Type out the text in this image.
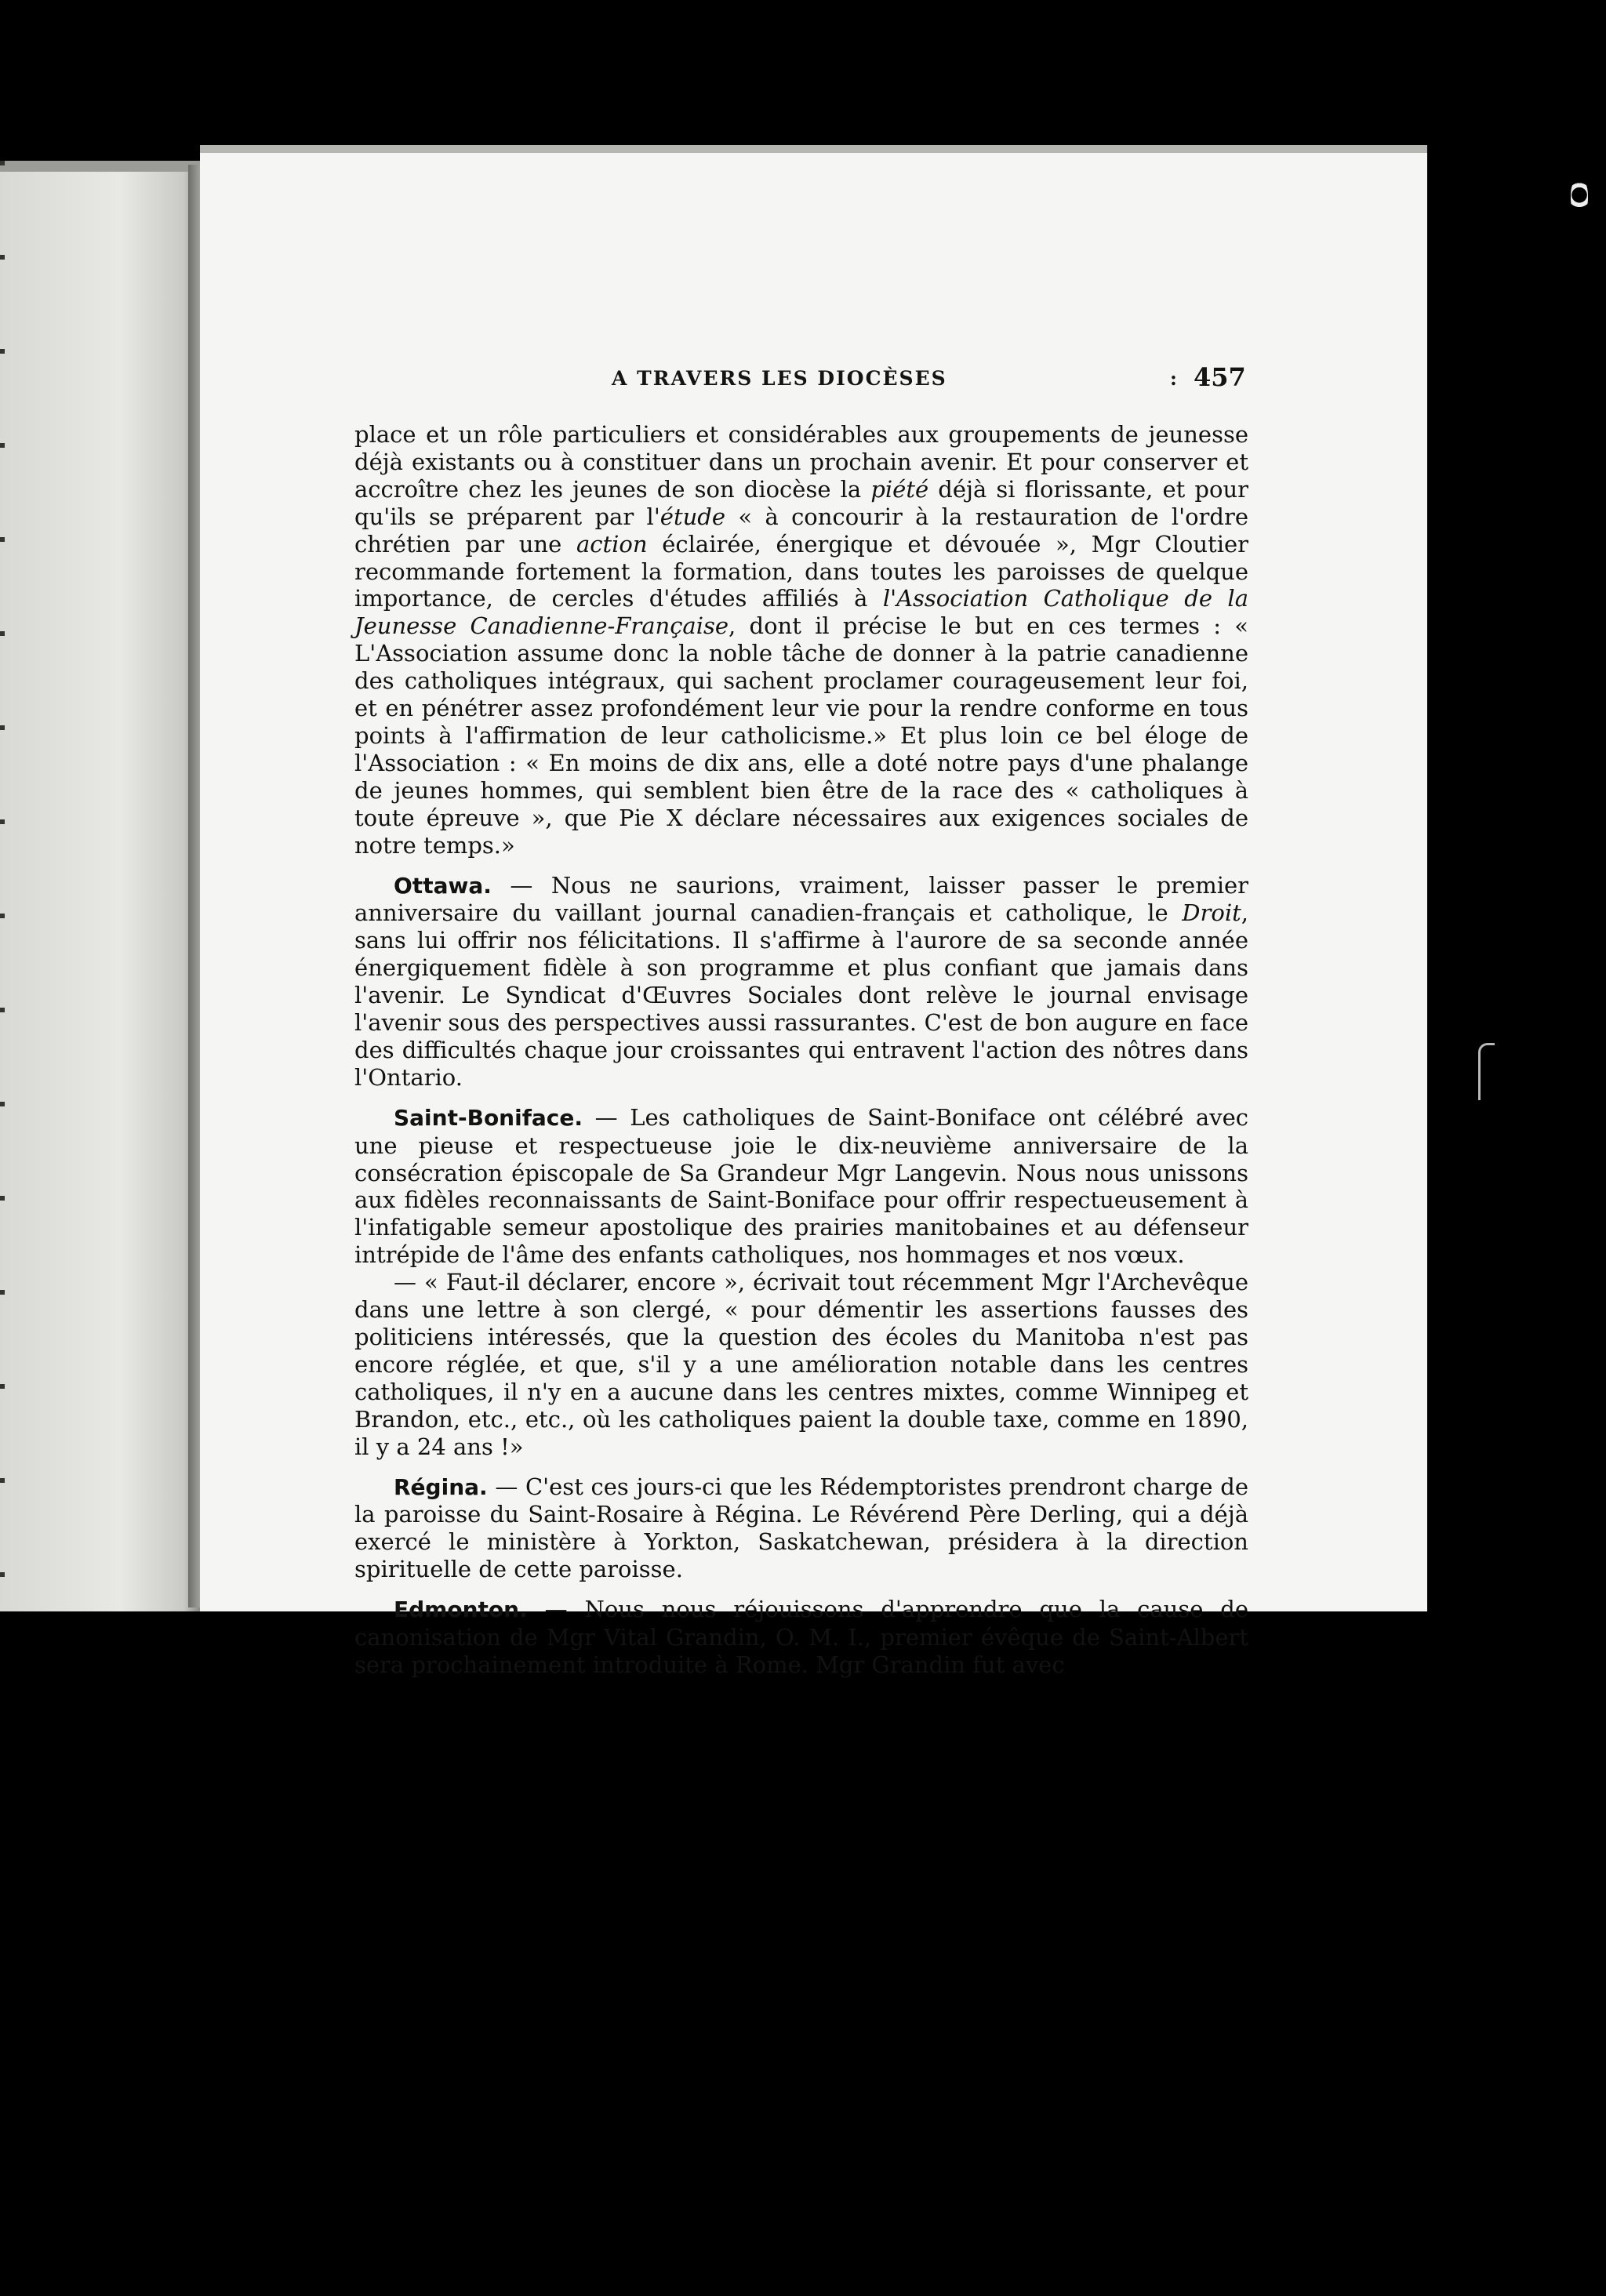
A TRAVERS LES DIOCÈSES	: 457

place et un rôle particuliers et considérables aux groupements de jeunesse déjà existants ou à constituer dans un prochain avenir. Et pour conserver et accroître chez les jeunes de son diocèse la piété déjà si florissante, et pour qu'ils se préparent par l'étude « à concourir à la restauration de l'ordre chrétien par une action éclairée, énergique et dévouée », Mgr Cloutier recommande fortement la formation, dans toutes les paroisses de quelque importance, de cercles d'études affiliés à l'Association Catholique de la Jeunesse Canadienne-Française, dont il précise le but en ces termes : « L'Association assume donc la noble tâche de donner à la patrie canadienne des catholiques intégraux, qui sachent proclamer courageusement leur foi, et en pénétrer assez profondément leur vie pour la rendre conforme en tous points à l'affirmation de leur catholicisme.» Et plus loin ce bel éloge de l'Association : « En moins de dix ans, elle a doté notre pays d'une phalange de jeunes hommes, qui semblent bien être de la race des « catholiques à toute épreuve », que Pie X déclare nécessaires aux exigences sociales de notre temps.»

Ottawa. — Nous ne saurions, vraiment, laisser passer le premier anniversaire du vaillant journal canadien-français et catholique, le Droit, sans lui offrir nos félicitations. Il s'affirme à l'aurore de sa seconde année énergiquement fidèle à son programme et plus confiant que jamais dans l'avenir. Le Syndicat d'Œuvres Sociales dont relève le journal envisage l'avenir sous des perspectives aussi rassurantes. C'est de bon augure en face des difficultés chaque jour croissantes qui entravent l'action des nôtres dans l'Ontario.

Saint-Boniface. — Les catholiques de Saint-Boniface ont célébré avec une pieuse et respectueuse joie le dix-neuvième anniversaire de la consécration épiscopale de Sa Grandeur Mgr Langevin. Nous nous unissons aux fidèles reconnaissants de Saint-Boniface pour offrir respectueusement à l'infatigable semeur apostolique des prairies manitobaines et au défenseur intrépide de l'âme des enfants catholiques, nos hommages et nos vœux.

— « Faut-il déclarer, encore », écrivait tout récemment Mgr l'Archevêque dans une lettre à son clergé, « pour démentir les assertions fausses des politiciens intéressés, que la question des écoles du Manitoba n'est pas encore réglée, et que, s'il y a une amélioration notable dans les centres catholiques, il n'y en a aucune dans les centres mixtes, comme Winnipeg et Brandon, etc., etc., où les catholiques paient la double taxe, comme en 1890, il y a 24 ans !»

Régina. — C'est ces jours-ci que les Rédemptoristes prendront charge de la paroisse du Saint-Rosaire à Régina. Le Révérend Père Derling, qui a déjà exercé le ministère à Yorkton, Saskatchewan, présidera à la direction spirituelle de cette paroisse.

Edmonton. — Nous nous réjouissons d'apprendre que la cause de canonisation de Mgr Vital Grandin, O. M. I., premier évêque de Saint-Albert sera prochainement introduite à Rome. Mgr Grandin fut avec
